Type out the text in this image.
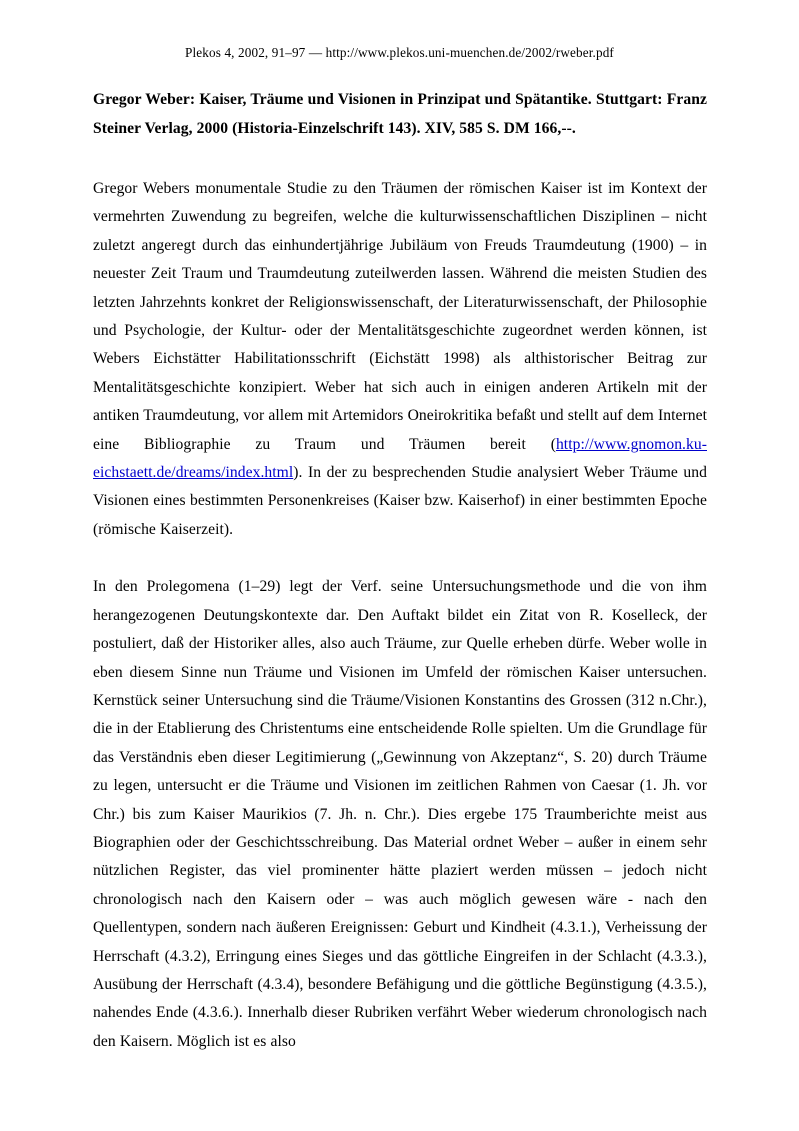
Plekos 4, 2002, 91–97 — http://www.plekos.uni-muenchen.de/2002/rweber.pdf
Gregor Weber: Kaiser, Träume und Visionen in Prinzipat und Spätantike. Stuttgart: Franz Steiner Verlag, 2000 (Historia-Einzelschrift 143). XIV, 585 S. DM 166,--.

Gregor Webers monumentale Studie zu den Träumen der römischen Kaiser ist im Kontext der vermehrten Zuwendung zu begreifen, welche die kulturwissenschaftlichen Disziplinen – nicht zuletzt angeregt durch das einhundertjährige Jubiläum von Freuds Traumdeutung (1900) – in neuester Zeit Traum und Traumdeutung zuteilwerden lassen. Während die meisten Studien des letzten Jahrzehnts konkret der Religionswissenschaft, der Literaturwissenschaft, der Philosophie und Psychologie, der Kultur- oder der Mentalitätsgeschichte zugeordnet werden können, ist Webers Eichstätter Habilitationsschrift (Eichstätt 1998) als althistorischer Beitrag zur Mentalitätsgeschichte konzipiert. Weber hat sich auch in einigen anderen Artikeln mit der antiken Traumdeutung, vor allem mit Artemidors Oneirokritika befaßt und stellt auf dem Internet eine Bibliographie zu Traum und Träumen bereit (http://www.gnomon.ku-eichstaett.de/dreams/index.html). In der zu besprechenden Studie analysiert Weber Träume und Visionen eines bestimmten Personenkreises (Kaiser bzw. Kaiserhof) in einer bestimmten Epoche (römische Kaiserzeit).

In den Prolegomena (1–29) legt der Verf. seine Untersuchungsmethode und die von ihm herangezogenen Deutungskontexte dar. Den Auftakt bildet ein Zitat von R. Koselleck, der postuliert, daß der Historiker alles, also auch Träume, zur Quelle erheben dürfe. Weber wolle in eben diesem Sinne nun Träume und Visionen im Umfeld der römischen Kaiser untersuchen. Kernstück seiner Untersuchung sind die Träume/Visionen Konstantins des Grossen (312 n.Chr.), die in der Etablierung des Christentums eine entscheidende Rolle spielten. Um die Grundlage für das Verständnis eben dieser Legitimierung („Gewinnung von Akzeptanz“, S. 20) durch Träume zu legen, untersucht er die Träume und Visionen im zeitlichen Rahmen von Caesar (1. Jh. vor Chr.) bis zum Kaiser Maurikios (7. Jh. n. Chr.). Dies ergebe 175 Traumberichte meist aus Biographien oder der Geschichtsschreibung. Das Material ordnet Weber – außer in einem sehr nützlichen Register, das viel prominenter hätte plaziert werden müssen – jedoch nicht chronologisch nach den Kaisern oder – was auch möglich gewesen wäre - nach den Quellentypen, sondern nach äußeren Ereignissen: Geburt und Kindheit (4.3.1.), Verheissung der Herrschaft (4.3.2), Erringung eines Sieges und das göttliche Eingreifen in der Schlacht (4.3.3.), Ausübung der Herrschaft (4.3.4), besondere Befähigung und die göttliche Begünstigung (4.3.5.), nahendes Ende (4.3.6.). Innerhalb dieser Rubriken verfährt Weber wiederum chronologisch nach den Kaisern. Möglich ist es also
